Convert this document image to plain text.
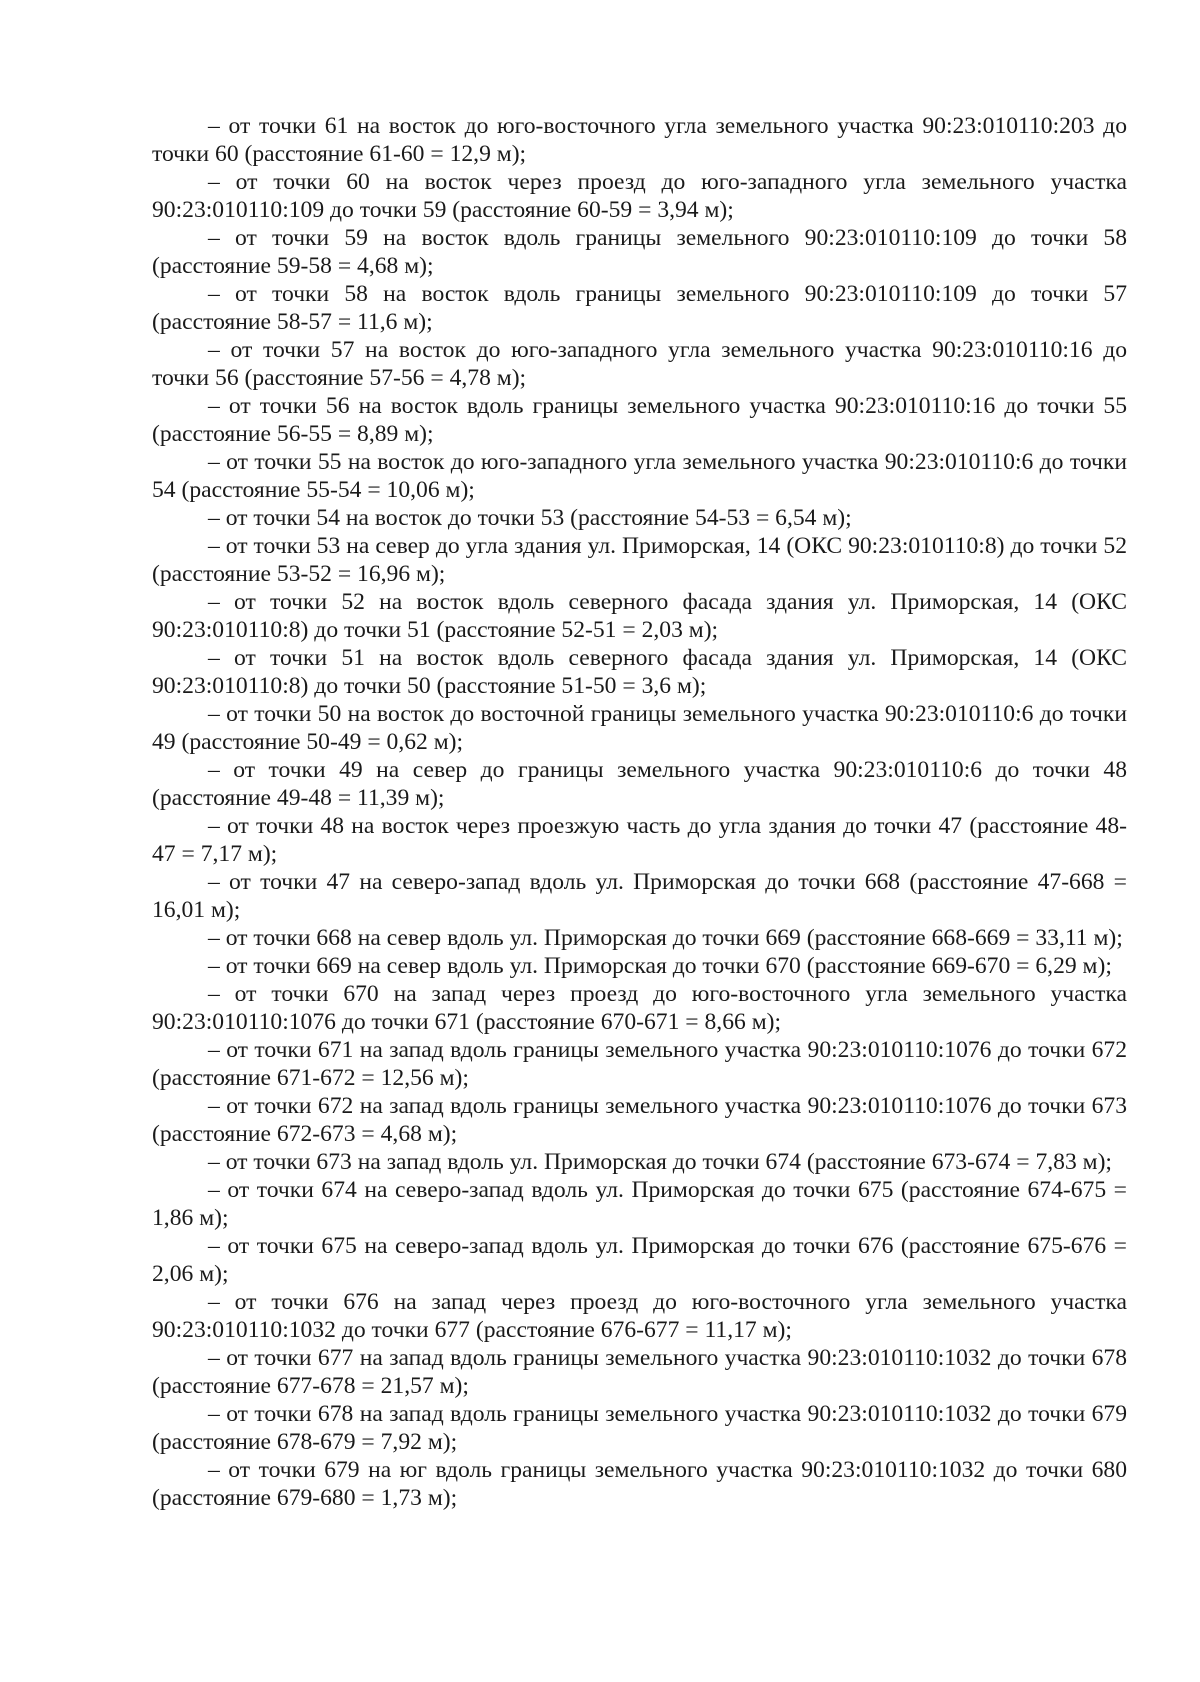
– от точки 61 на восток до юго-восточного угла земельного участка 90:23:010110:203 до точки 60 (расстояние 61-60 = 12,9 м);

– от точки 60 на восток через проезд до юго-западного угла земельного участка 90:23:010110:109 до точки 59 (расстояние 60-59 = 3,94 м);

– от точки 59 на восток вдоль границы земельного 90:23:010110:109 до точки 58 (расстояние 59-58 = 4,68 м);

– от точки 58 на восток вдоль границы земельного 90:23:010110:109 до точки 57 (расстояние 58-57 = 11,6 м);

– от точки 57 на восток до юго-западного угла земельного участка 90:23:010110:16 до точки 56 (расстояние 57-56 = 4,78 м);

– от точки 56 на восток вдоль границы земельного участка 90:23:010110:16 до точки 55 (расстояние 56-55 = 8,89 м);

– от точки 55 на восток до юго-западного угла земельного участка 90:23:010110:6 до точки 54 (расстояние 55-54 = 10,06 м);

– от точки 54 на восток до точки 53 (расстояние 54-53 = 6,54 м);

– от точки 53 на север до угла здания ул. Приморская, 14 (ОКС 90:23:010110:8) до точки 52 (расстояние 53-52 = 16,96 м);

– от точки 52 на восток вдоль северного фасада здания ул. Приморская, 14 (ОКС 90:23:010110:8) до точки 51 (расстояние 52-51 = 2,03 м);

– от точки 51 на восток вдоль северного фасада здания ул. Приморская, 14 (ОКС 90:23:010110:8) до точки 50 (расстояние 51-50 = 3,6 м);

– от точки 50 на восток до восточной границы земельного участка 90:23:010110:6 до точки 49 (расстояние 50-49 = 0,62 м);

– от точки 49 на север до границы земельного участка 90:23:010110:6 до точки 48 (расстояние 49-48 = 11,39 м);

– от точки 48 на восток через проезжую часть до угла здания до точки 47 (расстояние 48-47 = 7,17 м);

– от точки 47 на северо-запад вдоль ул. Приморская до точки 668 (расстояние 47-668 = 16,01 м);

– от точки 668 на север вдоль ул. Приморская до точки 669 (расстояние 668-669 = 33,11 м);

– от точки 669 на север вдоль ул. Приморская до точки 670 (расстояние 669-670 = 6,29 м);

– от точки 670 на запад через проезд до юго-восточного угла земельного участка 90:23:010110:1076 до точки 671 (расстояние 670-671 = 8,66 м);

– от точки 671 на запад вдоль границы земельного участка 90:23:010110:1076 до точки 672 (расстояние 671-672 = 12,56 м);

– от точки 672 на запад вдоль границы земельного участка 90:23:010110:1076 до точки 673 (расстояние 672-673 = 4,68 м);

– от точки 673 на запад вдоль ул. Приморская до точки 674 (расстояние 673-674 = 7,83 м);

– от точки 674 на северо-запад вдоль ул. Приморская до точки 675 (расстояние 674-675 = 1,86 м);

– от точки 675 на северо-запад вдоль ул. Приморская до точки 676 (расстояние 675-676 = 2,06 м);

– от точки 676 на запад через проезд до юго-восточного угла земельного участка 90:23:010110:1032 до точки 677 (расстояние 676-677 = 11,17 м);

– от точки 677 на запад вдоль границы земельного участка 90:23:010110:1032 до точки 678 (расстояние 677-678 = 21,57 м);

– от точки 678 на запад вдоль границы земельного участка 90:23:010110:1032 до точки 679 (расстояние 678-679 = 7,92 м);

– от точки 679 на юг вдоль границы земельного участка 90:23:010110:1032 до точки 680 (расстояние 679-680 = 1,73 м);
